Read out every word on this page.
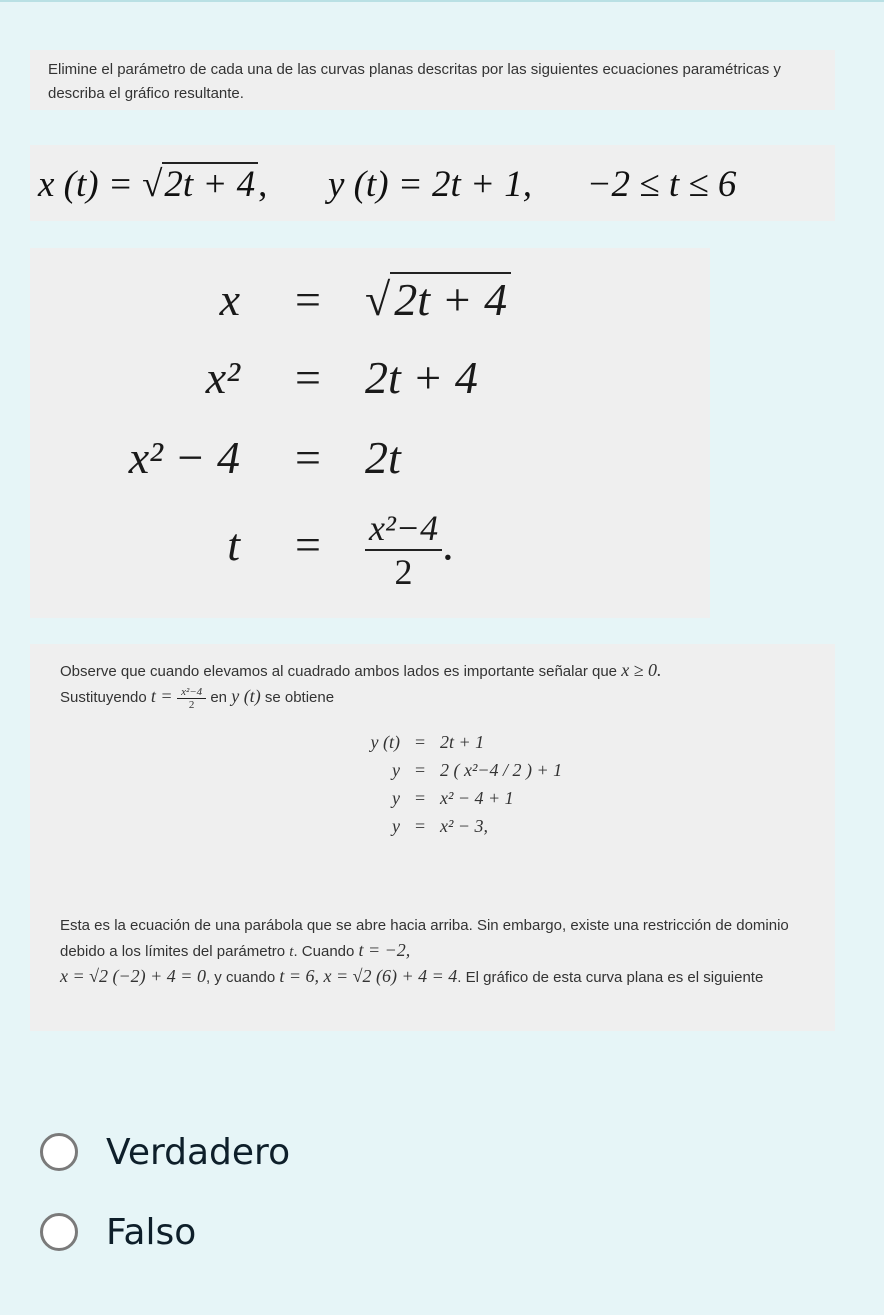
Elimine el parámetro de cada una de las curvas planas descritas por las siguientes ecuaciones paramétricas y describa el gráfico resultante.
x (t) = √2t + 4, y (t) = 2t + 1, −2 ≤ t ≤ 6
x = √2t + 4
x² = 2t + 4
x² − 4 = 2t
$t = \frac{\text{x²−4}}{2}$ .
Observe que cuando elevamos al cuadrado ambos lados es importante señalar que x ≥ 0.
Sustituyendo $t = \frac{\text{x²−4}}{2}$ en y (t) se obtiene
y (t) = 2t + 1
y = 2 ( x²−4 / 2 ) + 1
y = x² − 4 + 1
y = x² − 3,
Esta es la ecuación de una parábola que se abre hacia arriba. Sin embargo, existe una restricción de dominio debido a los límites del parámetro t. Cuando t = −2,
x = √2 (−2) + 4 = 0, y cuando t = 6, x = √2 (6) + 4 = 4. El gráfico de esta curva plana es el siguiente
Verdadero
Falso
